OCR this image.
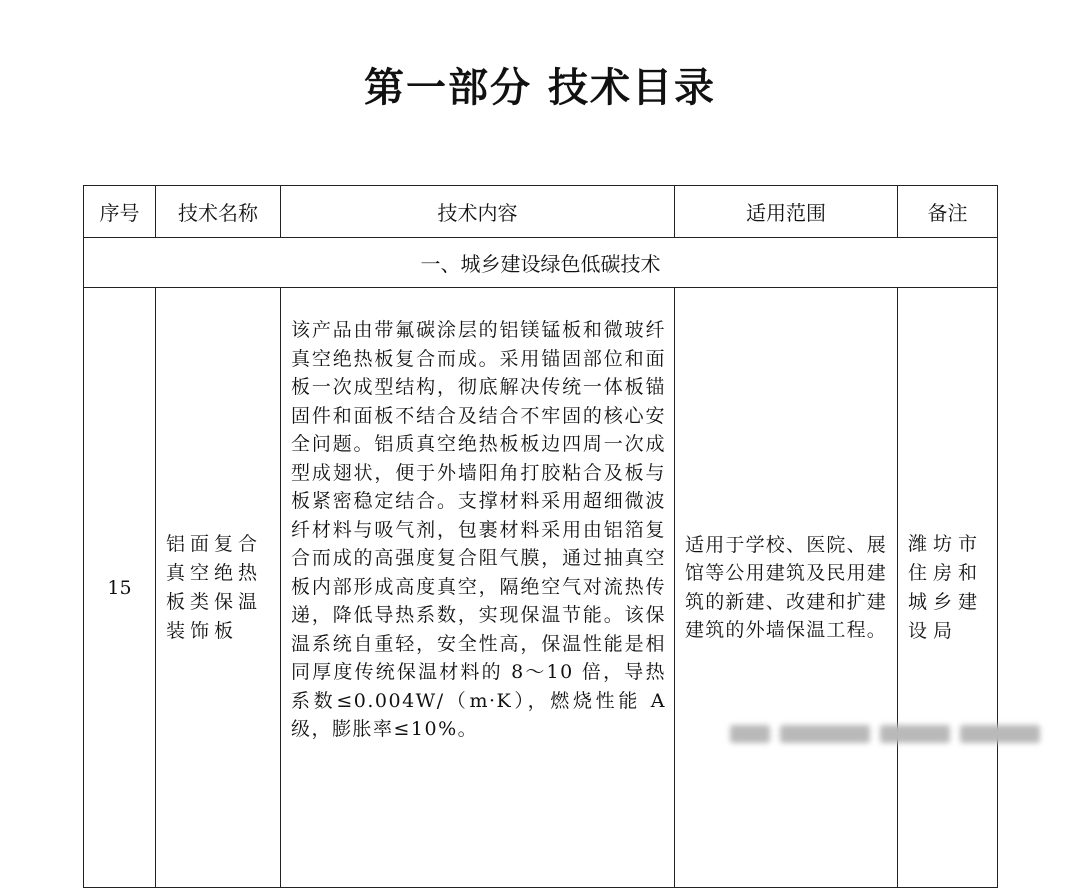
第一部分 技术目录
序号	技术名称	技术内容	适用范围	备注
一、城乡建设绿色低碳技术				
15	铝面复合真空绝热板类保温装饰板	该产品由带氟碳涂层的铝镁锰板和微玻纤真空绝热板复合而成。采用锚固部位和面板一次成型结构，彻底解决传统一体板锚固件和面板不结合及结合不牢固的核心安全问题。铝质真空绝热板板边四周一次成型成翅状，便于外墙阳角打胶粘合及板与板紧密稳定结合。支撑材料采用超细微波纤材料与吸气剂，包裹材料采用由铝箔复合而成的高强度复合阻气膜，通过抽真空板内部形成高度真空，隔绝空气对流热传递，降低导热系数，实现保温节能。该保温系统自重轻，安全性高，保温性能是相同厚度传统保温材料的 8～10 倍，导热系数≤0.004W/（m·K），燃烧性能 A 级，膨胀率≤10%。	适用于学校、医院、展馆等公用建筑及民用建筑的新建、改建和扩建建筑的外墙保温工程。	潍坊市住房和城乡建设局
